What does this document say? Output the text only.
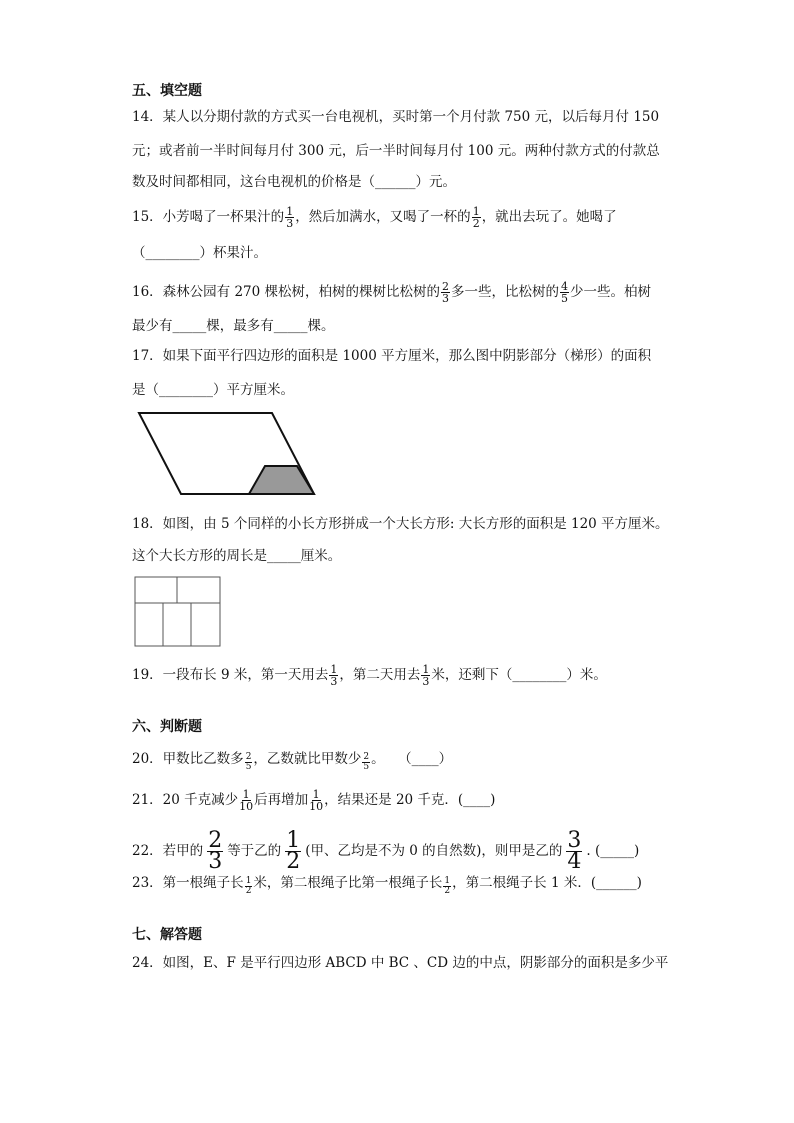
五、填空题
14．某人以分期付款的方式买一台电视机，买时第一个月付款 750 元，以后每月付 150
元；或者前一半时间每月付 300 元，后一半时间每月付 100 元。两种付款方式的付款总
数及时间都相同，这台电视机的价格是（______）元。
15．小芳喝了一杯果汁的 $\frac{1}{3}$ ，然后加满水，又喝了一杯的 $\frac{1}{2}$ ，就出去玩了。她喝了
（________）杯果汁。
16．森林公园有 270 棵松树，柏树的棵树比松树的 $\frac{2}{3}$ 多一些，比松树的 $\frac{4}{5}$ 少一些。柏树
最少有_____棵，最多有_____棵。
17．如果下面平行四边形的面积是 1000 平方厘米，那么图中阴影部分（梯形）的面积
是（________）平方厘米。
18．如图，由 5 个同样的小长方形拼成一个大长方形: 大长方形的面积是 120 平方厘米。
这个大长方形的周长是_____厘米。
19．一段布长 9 米，第一天用去 $\frac{1}{3}$ ，第二天用去 $\frac{1}{3}$ 米，还剩下（________）米。
六、判断题
20．甲数比乙数多 $\frac{2}{5}$ ，乙数就比甲数少 $\frac{2}{5}$ 。　　（____）
21．20 千克减少 $\frac{1}{10}$ 后再增加 $\frac{1}{10}$ ，结果还是 20 千克．(____)
22．若甲的 $\frac{2}{3}$ 等于乙的 $\frac{1}{2}$ (甲、乙均是不为 0 的自然数)，则甲是乙的 $\frac{3}{4}$ . (_____)
23．第一根绳子长 $\frac{1}{2}$ 米，第二根绳子比第一根绳子长 $\frac{1}{2}$ ，第二根绳子长 1 米．(______)
七、解答题
24．如图，E、F 是平行四边形 ABCD 中 BC 、CD 边的中点，阴影部分的面积是多少平
